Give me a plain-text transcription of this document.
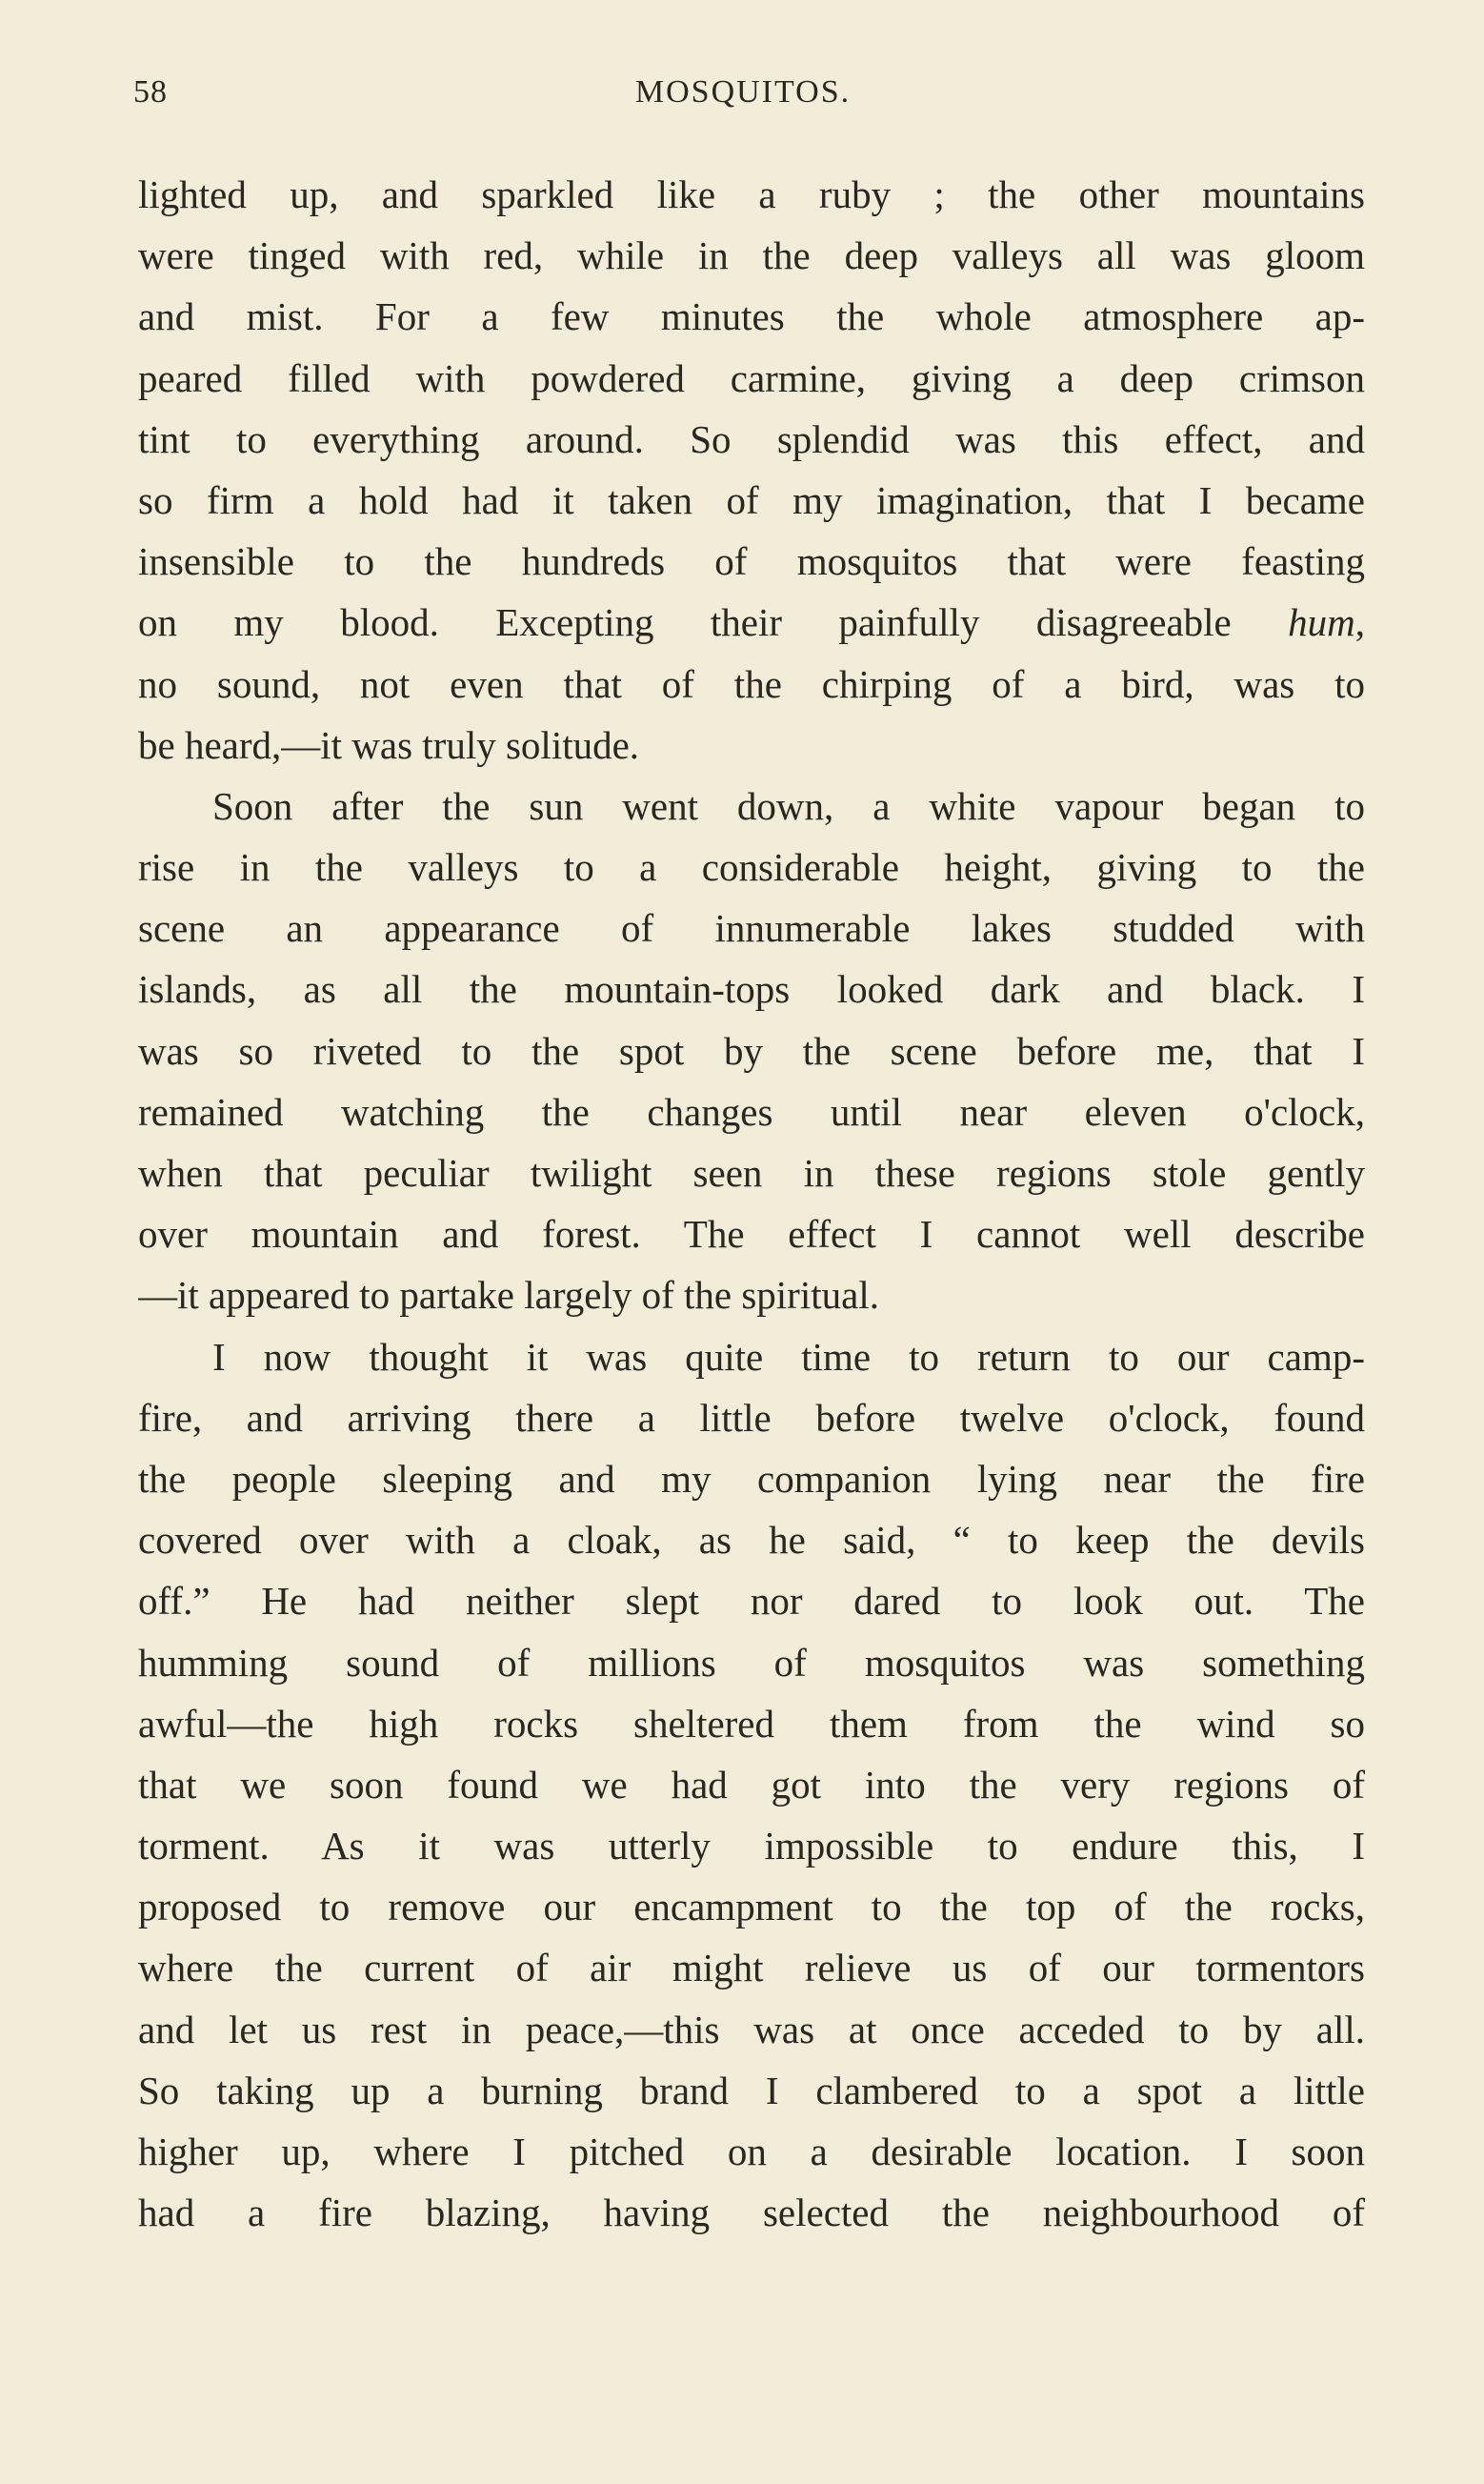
58	MOSQUITOS.
lighted up, and sparkled like a ruby ; the other mountains
were tinged with red, while in the deep valleys all was gloom
and mist. For a few minutes the whole atmosphere ap-
peared filled with powdered carmine, giving a deep crimson
tint to everything around. So splendid was this effect, and
so firm a hold had it taken of my imagination, that I became
insensible to the hundreds of mosquitos that were feasting
on my blood. Excepting their painfully disagreeable hum,
no sound, not even that of the chirping of a bird, was to
be heard,—it was truly solitude.
Soon after the sun went down, a white vapour began to
rise in the valleys to a considerable height, giving to the
scene an appearance of innumerable lakes studded with
islands, as all the mountain-tops looked dark and black. I
was so riveted to the spot by the scene before me, that I
remained watching the changes until near eleven o'clock,
when that peculiar twilight seen in these regions stole gently
over mountain and forest. The effect I cannot well describe
—it appeared to partake largely of the spiritual.
I now thought it was quite time to return to our camp-
fire, and arriving there a little before twelve o'clock, found
the people sleeping and my companion lying near the fire
covered over with a cloak, as he said, “ to keep the devils
off.” He had neither slept nor dared to look out. The
humming sound of millions of mosquitos was something
awful—the high rocks sheltered them from the wind so
that we soon found we had got into the very regions of
torment. As it was utterly impossible to endure this, I
proposed to remove our encampment to the top of the rocks,
where the current of air might relieve us of our tormentors
and let us rest in peace,—this was at once acceded to by all.
So taking up a burning brand I clambered to a spot a little
higher up, where I pitched on a desirable location. I soon
had a fire blazing, having selected the neighbourhood of
